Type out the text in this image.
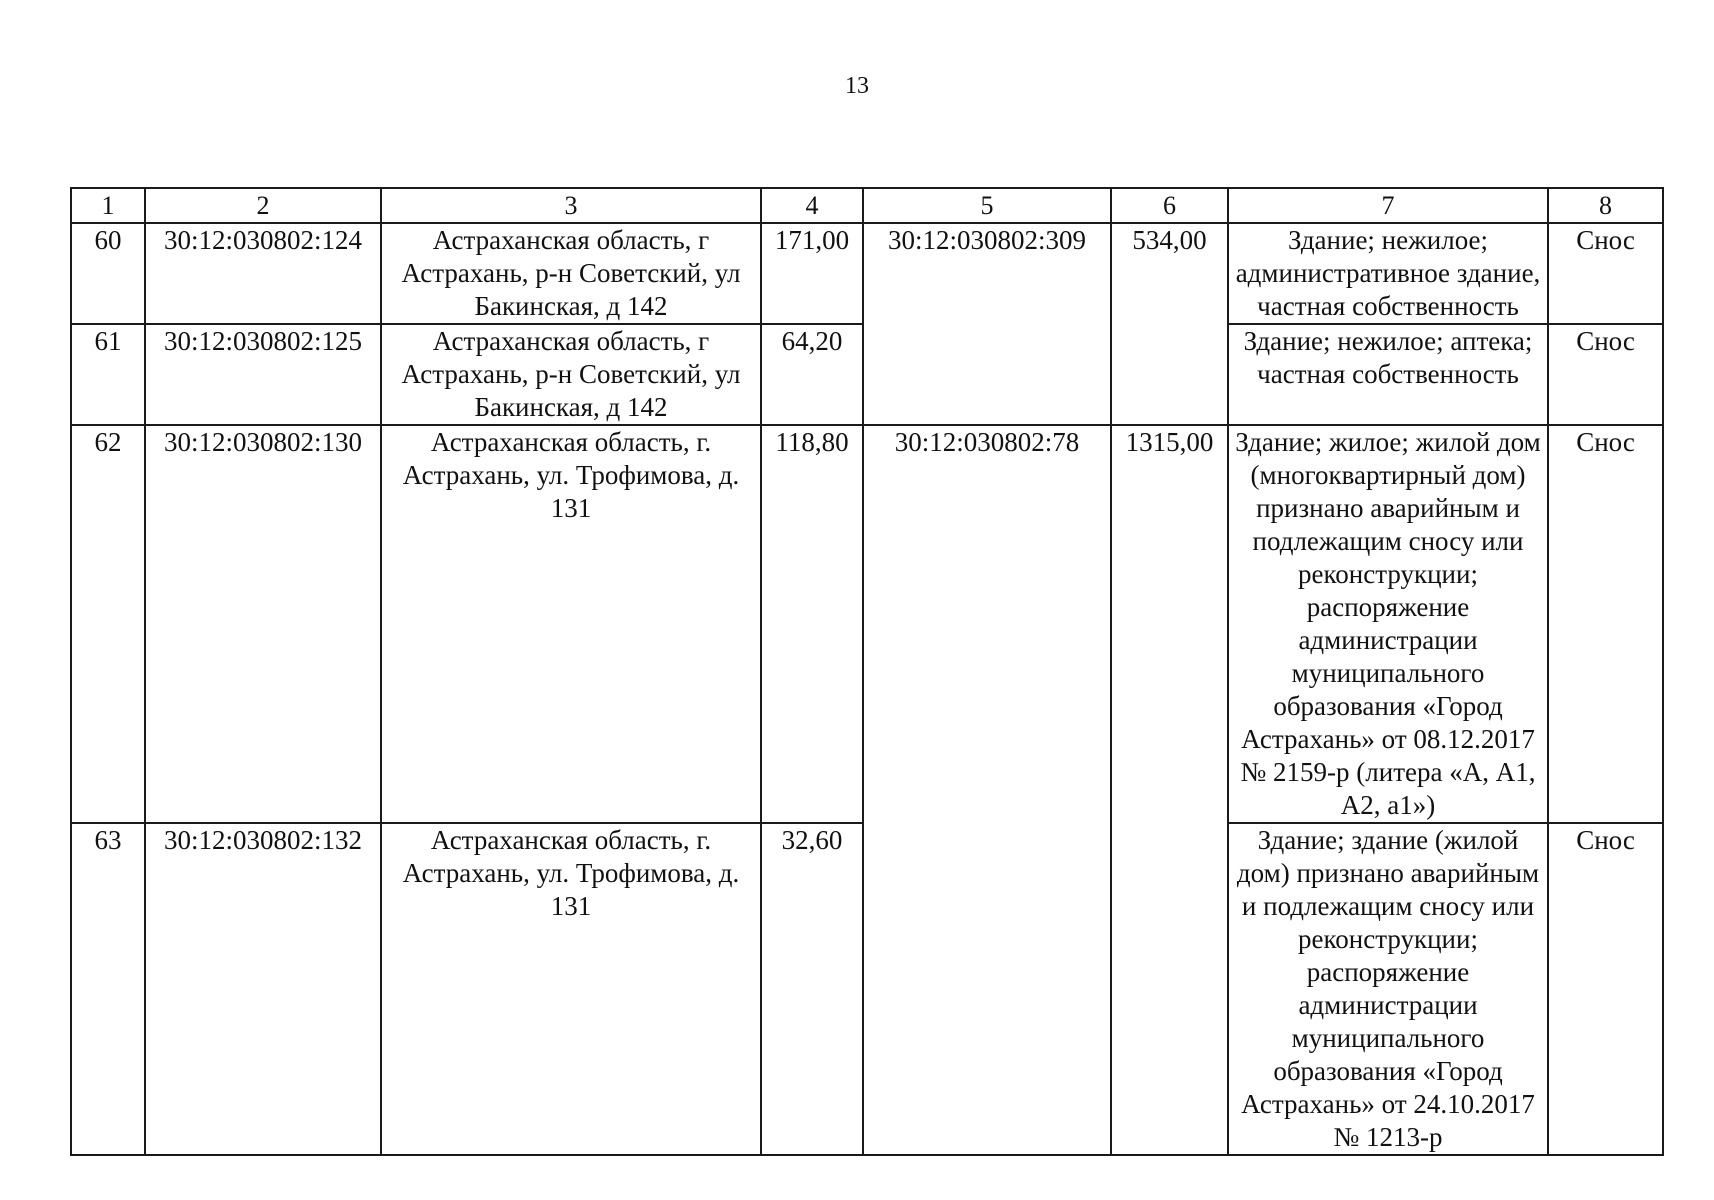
13
1	2	3	4	5	6	7	8
60	30:12:030802:124	Астраханская область, г Астрахань, р-н Советский, ул Бакинская, д 142	171,00	30:12:030802:309	534,00	Здание; нежилое; административное здание, частная собственность	Снос
61	30:12:030802:125	Астраханская область, г Астрахань, р-н Советский, ул Бакинская, д 142	64,20			Здание; нежилое; аптека; частная собственность	Снос
62	30:12:030802:130	Астраханская область, г. Астрахань, ул. Трофимова, д. 131	118,80	30:12:030802:78	1315,00	Здание; жилое; жилой дом (многоквартирный дом) признано аварийным и подлежащим сносу или реконструкции; распоряжение администрации муниципального образования «Город Астрахань» от 08.12.2017 № 2159-р (литера «А, А1, А2, а1»)	Снос
63	30:12:030802:132	Астраханская область, г. Астрахань, ул. Трофимова, д. 131	32,60			Здание; здание (жилой дом) признано аварийным и подлежащим сносу или реконструкции; распоряжение администрации муниципального образования «Город Астрахань» от 24.10.2017 № 1213-р	Снос
